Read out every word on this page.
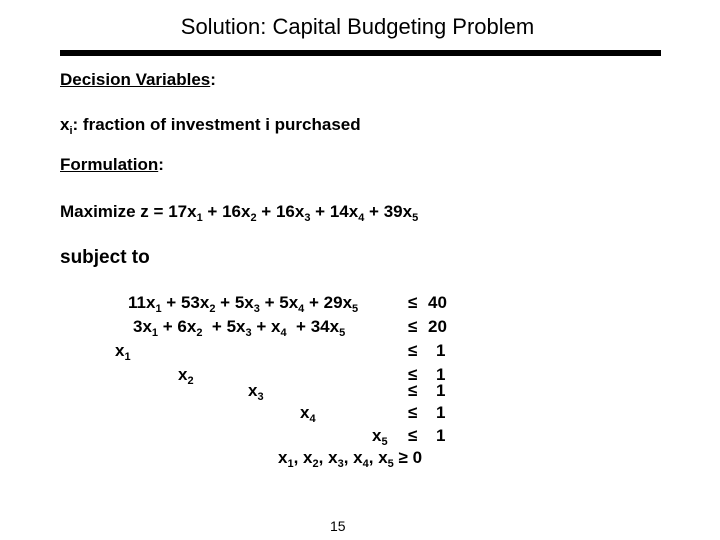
Solution: Capital Budgeting Problem
Decision Variables:
$x_i$: fraction of investment i purchased
Formulation:
Maximize $z = 17x_1 + 16x_2 + 16x_3 + 14x_4 + 39x_5$
subject to
$11x_1 + 53x_2 + 5x_3 + 5x_4 + 29x_5$	≤ 40
$3x_1 + 6x_2 + 5x_3 + x_4 + 34x_5$	≤ 20
$x_1$	≤ 1
$x_2$	≤ 1
$x_3$	≤ 1
$x_4$	≤ 1
$x_5 \le 1$
$x_1$, $x_2$, $x_3$, $x_4$, $x_5 \ge 0$
15
